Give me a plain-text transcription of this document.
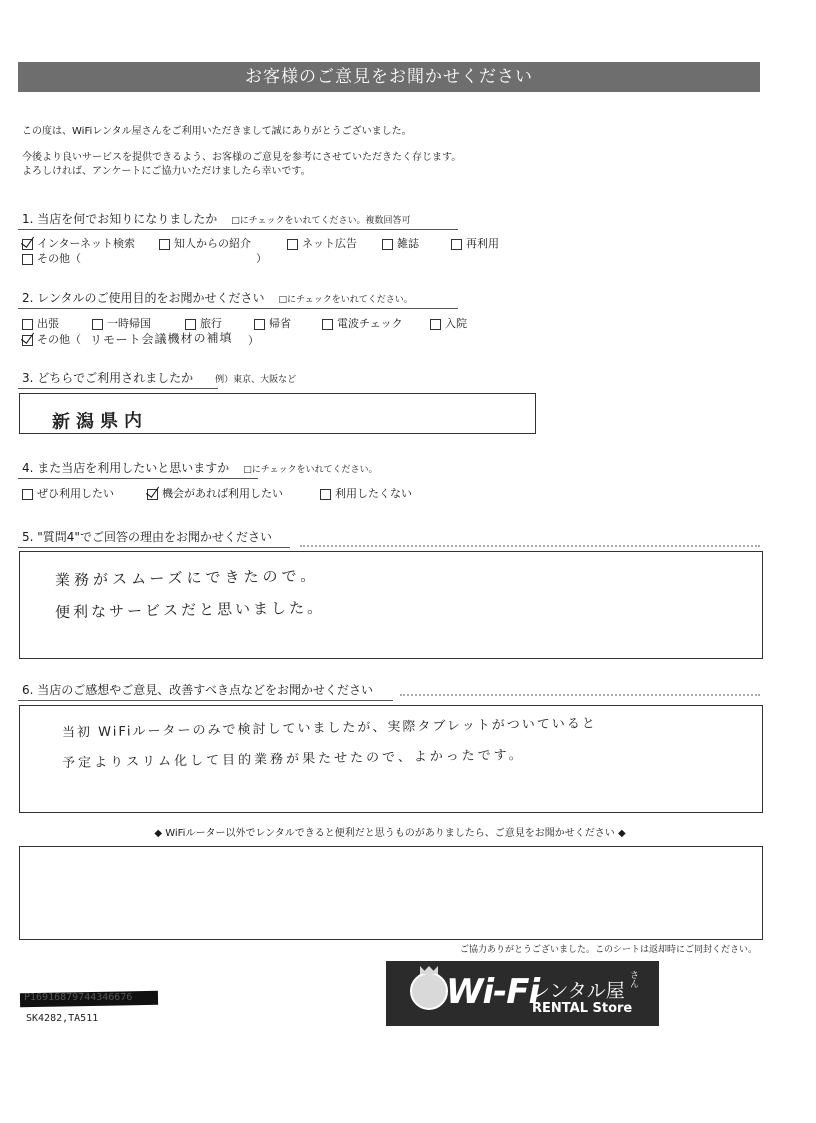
お客様のご意見をお聞かせください
この度は、WiFiレンタル屋さんをご利用いただきまして誠にありがとうございました。
今後より良いサービスを提供できるよう、お客様のご意見を参考にさせていただきたく存じます。
よろしければ、アンケートにご協力いただけましたら幸いです。
1. 当店を何でお知りになりましたか □にチェックをいれてください。複数回答可
インターネット検索	知人からの紹介	ネット広告	雑誌	再利用
その他（	）
2. レンタルのご使用目的をお聞かせください □にチェックをいれてください。
出張	一時帰国	旅行	帰省	電波チェック	入院
その他（ リモート会議機材の補填 ）
3. どちらでご利用されましたか 例）東京、大阪など
新潟県内
4. また当店を利用したいと思いますか □にチェックをいれてください。
ぜひ利用したい	機会があれば利用したい	利用したくない
5. "質問4"でご回答の理由をお聞かせください
業務がスムーズにできたので。
便利なサービスだと思いました。
6. 当店のご感想やご意見、改善すべき点などをお聞かせください
当初 WiFiルーターのみで検討していましたが、実際タブレットがついていると
予定よりスリム化して目的業務が果たせたので、よかったです。
◆ WiFiルーター以外でレンタルできると便利だと思うものがありましたら、ご意見をお聞かせください ◆
ご協力ありがとうございました。このシートは返却時にご同封ください。
Wi-Fi
レンタル屋
さん
RENTAL Store
P16916879744346676
SK4282,TA511
